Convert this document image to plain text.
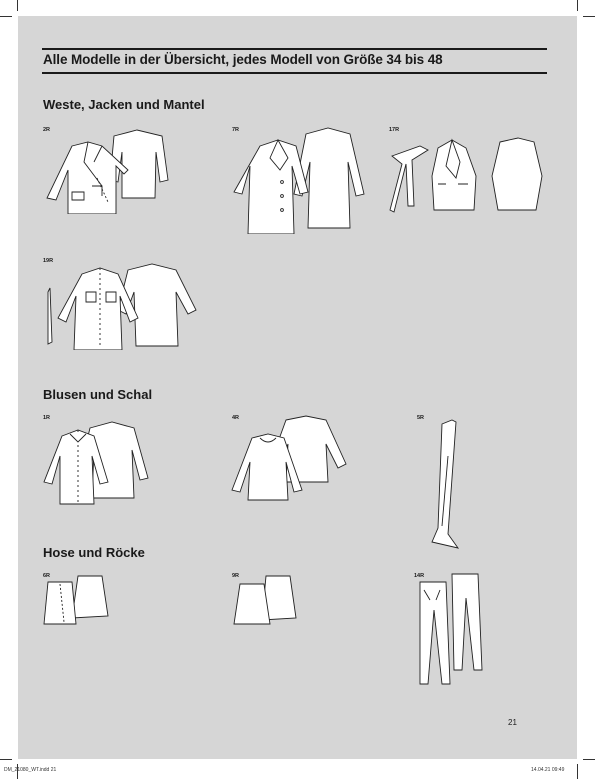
Alle Modelle in der Übersicht, jedes Modell von Größe 34 bis 48
Weste, Jacken und Mantel
2R	7R	17R
19R
Blusen und Schal
1R	4R	5R
Hose und Röcke
6R	9R	14R
21
DM_21080_WT.indd 21	14.04.21 09:49
